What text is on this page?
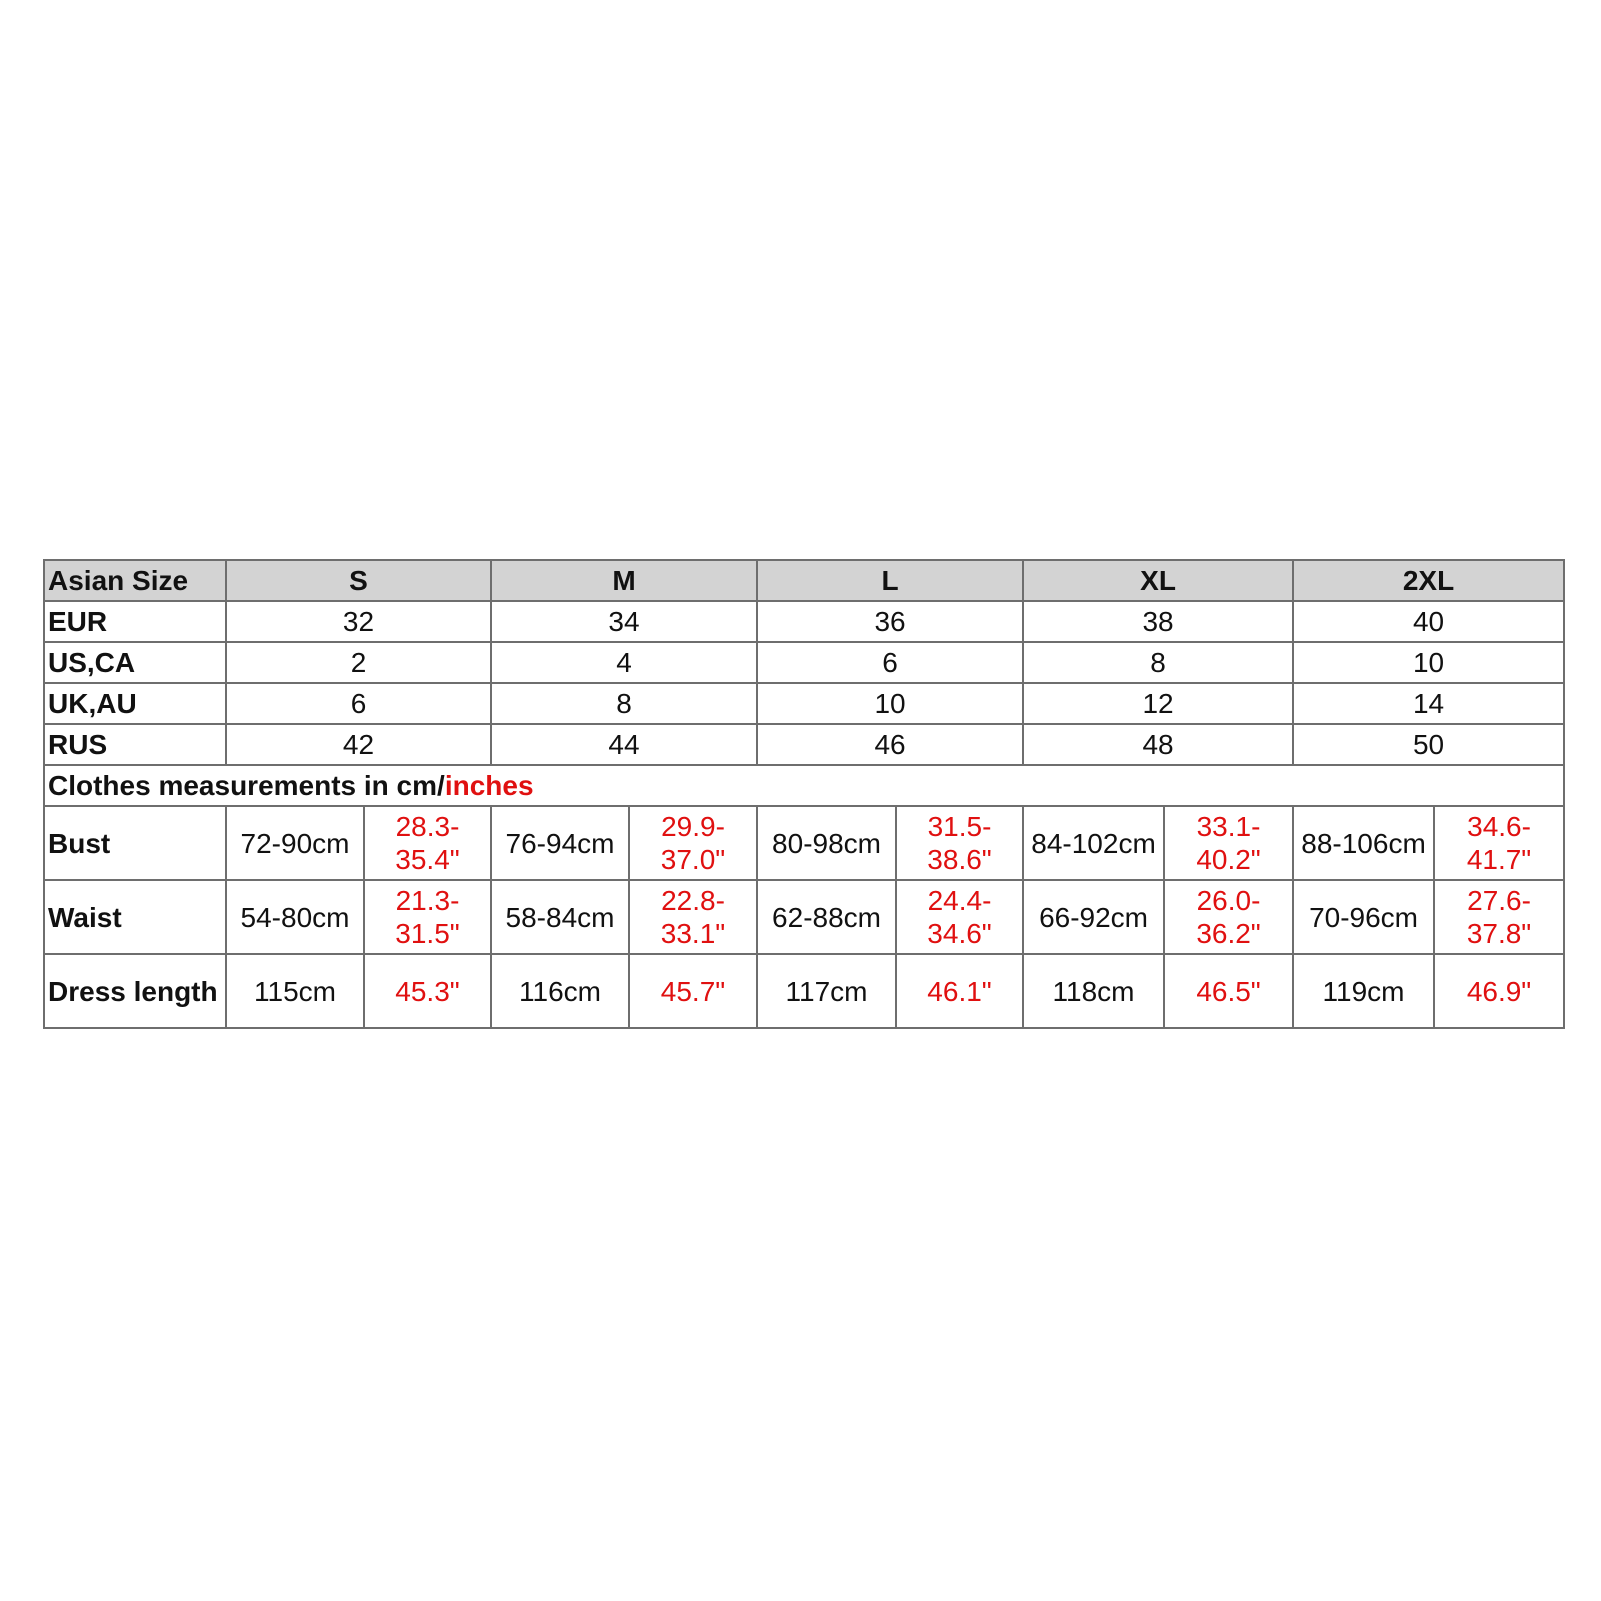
Asian Size	S		M		L		XL		2XL	
EUR	32		34		36		38		40	
US,CA	2		4		6		8		10	
UK,AU	6		8		10		12		14	
RUS	42		44		46		48		50	
Clothes measurements in cm/inches										
Bust	72-90cm	28.3-35.4"	76-94cm	29.9-37.0"	80-98cm	31.5-38.6"	84-102cm	33.1-40.2"	88-106cm	34.6-41.7"
Waist	54-80cm	21.3-31.5"	58-84cm	22.8-33.1"	62-88cm	24.4-34.6"	66-92cm	26.0-36.2"	70-96cm	27.6-37.8"
Dress length	115cm	45.3"	116cm	45.7"	117cm	46.1"	118cm	46.5"	119cm	46.9"
